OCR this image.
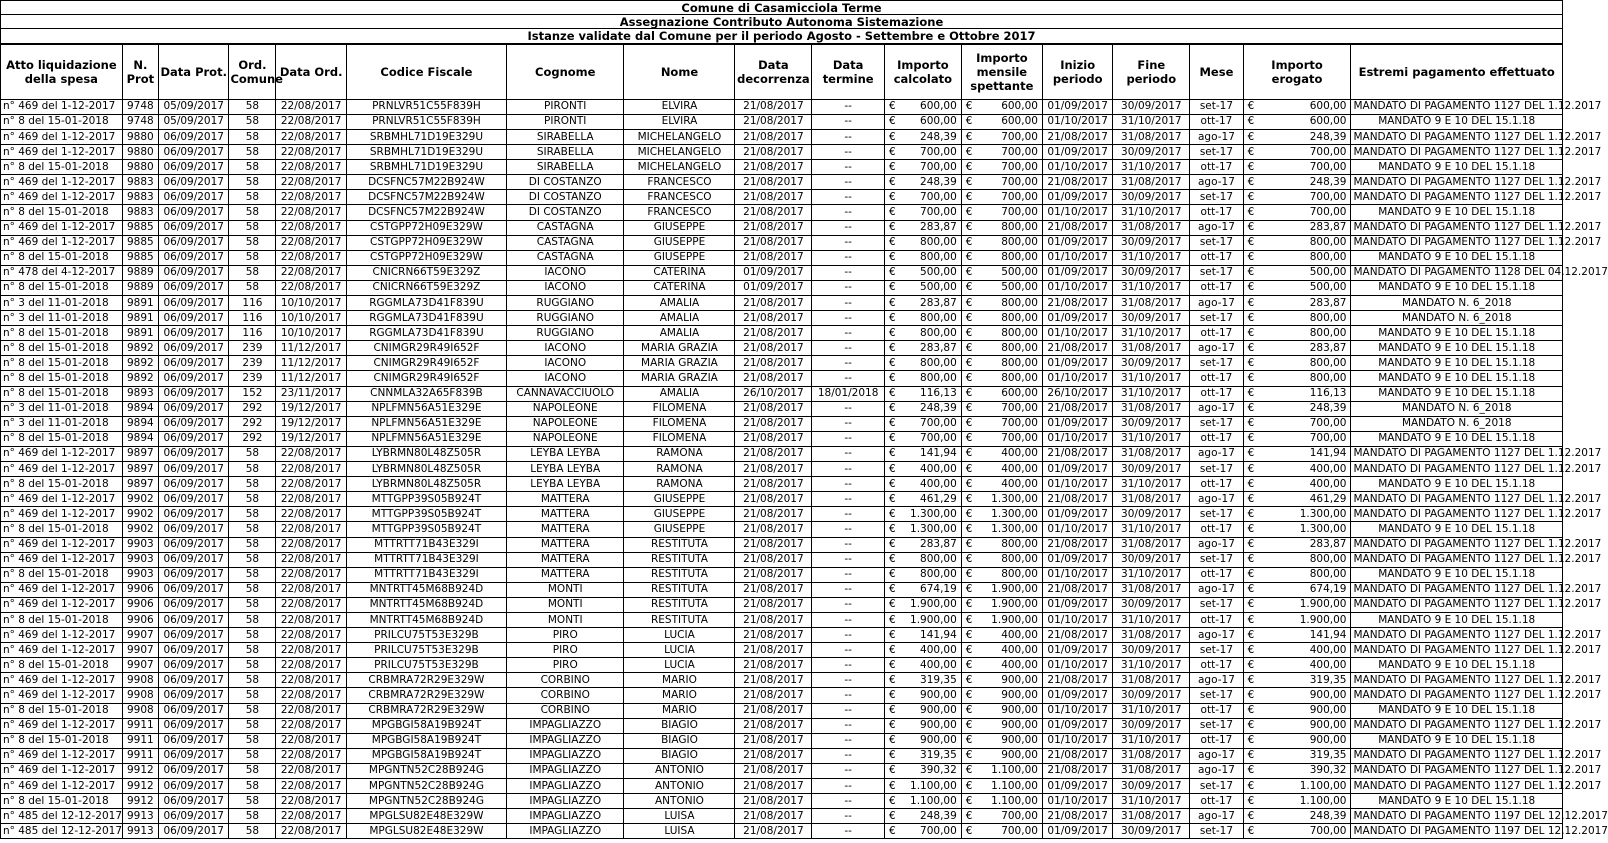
Comune di Casamicciola Terme
Assegnazione Contributo Autonoma Sistemazione
Istanze validate dal Comune per il periodo Agosto - Settembre e Ottobre 2017
Atto liquidazione della spesa	N. Prot	Data Prot.	Ord. Comune	Data Ord.	Codice Fiscale	Cognome	Nome	Data decorrenza	Data termine	Importo calcolato	Importo mensile spettante	Inizio periodo	Fine periodo	Mese	Importo erogato	Estremi pagamento effettuato
n° 469 del 1-12-2017	9748	05/09/2017	58	22/08/2017	PRNLVR51C55F839H	PIRONTI	ELVIRA	21/08/2017	--	€ 600,00	€ 600,00	01/09/2017	30/09/2017	set-17	€ 600,00	MANDATO DI PAGAMENTO 1127 DEL 1.12.2017
n° 8 del 15-01-2018	9748	05/09/2017	58	22/08/2017	PRNLVR51C55F839H	PIRONTI	ELVIRA	21/08/2017	--	€ 600,00	€ 600,00	01/10/2017	31/10/2017	ott-17	€ 600,00	MANDATO 9 E 10 DEL 15.1.18
n° 469 del 1-12-2017	9880	06/09/2017	58	22/08/2017	SRBMHL71D19E329U	SIRABELLA	MICHELANGELO	21/08/2017	--	€ 248,39	€ 700,00	21/08/2017	31/08/2017	ago-17	€ 248,39	MANDATO DI PAGAMENTO 1127 DEL 1.12.2017
n° 469 del 1-12-2017	9880	06/09/2017	58	22/08/2017	SRBMHL71D19E329U	SIRABELLA	MICHELANGELO	21/08/2017	--	€ 700,00	€ 700,00	01/09/2017	30/09/2017	set-17	€ 700,00	MANDATO DI PAGAMENTO 1127 DEL 1.12.2017
n° 8 del 15-01-2018	9880	06/09/2017	58	22/08/2017	SRBMHL71D19E329U	SIRABELLA	MICHELANGELO	21/08/2017	--	€ 700,00	€ 700,00	01/10/2017	31/10/2017	ott-17	€ 700,00	MANDATO 9 E 10 DEL 15.1.18
n° 469 del 1-12-2017	9883	06/09/2017	58	22/08/2017	DCSFNC57M22B924W	DI COSTANZO	FRANCESCO	21/08/2017	--	€ 248,39	€ 700,00	21/08/2017	31/08/2017	ago-17	€ 248,39	MANDATO DI PAGAMENTO 1127 DEL 1.12.2017
n° 469 del 1-12-2017	9883	06/09/2017	58	22/08/2017	DCSFNC57M22B924W	DI COSTANZO	FRANCESCO	21/08/2017	--	€ 700,00	€ 700,00	01/09/2017	30/09/2017	set-17	€ 700,00	MANDATO DI PAGAMENTO 1127 DEL 1.12.2017
n° 8 del 15-01-2018	9883	06/09/2017	58	22/08/2017	DCSFNC57M22B924W	DI COSTANZO	FRANCESCO	21/08/2017	--	€ 700,00	€ 700,00	01/10/2017	31/10/2017	ott-17	€ 700,00	MANDATO 9 E 10 DEL 15.1.18
n° 469 del 1-12-2017	9885	06/09/2017	58	22/08/2017	CSTGPP72H09E329W	CASTAGNA	GIUSEPPE	21/08/2017	--	€ 283,87	€ 800,00	21/08/2017	31/08/2017	ago-17	€ 283,87	MANDATO DI PAGAMENTO 1127 DEL 1.12.2017
n° 469 del 1-12-2017	9885	06/09/2017	58	22/08/2017	CSTGPP72H09E329W	CASTAGNA	GIUSEPPE	21/08/2017	--	€ 800,00	€ 800,00	01/09/2017	30/09/2017	set-17	€ 800,00	MANDATO DI PAGAMENTO 1127 DEL 1.12.2017
n° 8 del 15-01-2018	9885	06/09/2017	58	22/08/2017	CSTGPP72H09E329W	CASTAGNA	GIUSEPPE	21/08/2017	--	€ 800,00	€ 800,00	01/10/2017	31/10/2017	ott-17	€ 800,00	MANDATO 9 E 10 DEL 15.1.18
n° 478 del 4-12-2017	9889	06/09/2017	58	22/08/2017	CNICRN66T59E329Z	IACONO	CATERINA	01/09/2017	--	€ 500,00	€ 500,00	01/09/2017	30/09/2017	set-17	€ 500,00	MANDATO DI PAGAMENTO 1128 DEL 04.12.2017
n° 8 del 15-01-2018	9889	06/09/2017	58	22/08/2017	CNICRN66T59E329Z	IACONO	CATERINA	01/09/2017	--	€ 500,00	€ 500,00	01/10/2017	31/10/2017	ott-17	€ 500,00	MANDATO 9 E 10 DEL 15.1.18
n° 3 del 11-01-2018	9891	06/09/2017	116	10/10/2017	RGGMLA73D41F839U	RUGGIANO	AMALIA	21/08/2017	--	€ 283,87	€ 800,00	21/08/2017	31/08/2017	ago-17	€ 283,87	MANDATO N. 6_2018
n° 3 del 11-01-2018	9891	06/09/2017	116	10/10/2017	RGGMLA73D41F839U	RUGGIANO	AMALIA	21/08/2017	--	€ 800,00	€ 800,00	01/09/2017	30/09/2017	set-17	€ 800,00	MANDATO N. 6_2018
n° 8 del 15-01-2018	9891	06/09/2017	116	10/10/2017	RGGMLA73D41F839U	RUGGIANO	AMALIA	21/08/2017	--	€ 800,00	€ 800,00	01/10/2017	31/10/2017	ott-17	€ 800,00	MANDATO 9 E 10 DEL 15.1.18
n° 8 del 15-01-2018	9892	06/09/2017	239	11/12/2017	CNIMGR29R49I652F	IACONO	MARIA GRAZIA	21/08/2017	--	€ 283,87	€ 800,00	21/08/2017	31/08/2017	ago-17	€ 283,87	MANDATO 9 E 10 DEL 15.1.18
n° 8 del 15-01-2018	9892	06/09/2017	239	11/12/2017	CNIMGR29R49I652F	IACONO	MARIA GRAZIA	21/08/2017	--	€ 800,00	€ 800,00	01/09/2017	30/09/2017	set-17	€ 800,00	MANDATO 9 E 10 DEL 15.1.18
n° 8 del 15-01-2018	9892	06/09/2017	239	11/12/2017	CNIMGR29R49I652F	IACONO	MARIA GRAZIA	21/08/2017	--	€ 800,00	€ 800,00	01/10/2017	31/10/2017	ott-17	€ 800,00	MANDATO 9 E 10 DEL 15.1.18
n° 8 del 15-01-2018	9893	06/09/2017	152	23/11/2017	CNNMLA32A65F839B	CANNAVACCIUOLO	AMALIA	26/10/2017	18/01/2018	€ 116,13	€ 600,00	26/10/2017	31/10/2017	ott-17	€ 116,13	MANDATO 9 E 10 DEL 15.1.18
n° 3 del 11-01-2018	9894	06/09/2017	292	19/12/2017	NPLFMN56A51E329E	NAPOLEONE	FILOMENA	21/08/2017	--	€ 248,39	€ 700,00	21/08/2017	31/08/2017	ago-17	€ 248,39	MANDATO N. 6_2018
n° 3 del 11-01-2018	9894	06/09/2017	292	19/12/2017	NPLFMN56A51E329E	NAPOLEONE	FILOMENA	21/08/2017	--	€ 700,00	€ 700,00	01/09/2017	30/09/2017	set-17	€ 700,00	MANDATO N. 6_2018
n° 8 del 15-01-2018	9894	06/09/2017	292	19/12/2017	NPLFMN56A51E329E	NAPOLEONE	FILOMENA	21/08/2017	--	€ 700,00	€ 700,00	01/10/2017	31/10/2017	ott-17	€ 700,00	MANDATO 9 E 10 DEL 15.1.18
n° 469 del 1-12-2017	9897	06/09/2017	58	22/08/2017	LYBRMN80L48Z505R	LEYBA LEYBA	RAMONA	21/08/2017	--	€ 141,94	€ 400,00	21/08/2017	31/08/2017	ago-17	€ 141,94	MANDATO DI PAGAMENTO 1127 DEL 1.12.2017
n° 469 del 1-12-2017	9897	06/09/2017	58	22/08/2017	LYBRMN80L48Z505R	LEYBA LEYBA	RAMONA	21/08/2017	--	€ 400,00	€ 400,00	01/09/2017	30/09/2017	set-17	€ 400,00	MANDATO DI PAGAMENTO 1127 DEL 1.12.2017
n° 8 del 15-01-2018	9897	06/09/2017	58	22/08/2017	LYBRMN80L48Z505R	LEYBA LEYBA	RAMONA	21/08/2017	--	€ 400,00	€ 400,00	01/10/2017	31/10/2017	ott-17	€ 400,00	MANDATO 9 E 10 DEL 15.1.18
n° 469 del 1-12-2017	9902	06/09/2017	58	22/08/2017	MTTGPP39S05B924T	MATTERA	GIUSEPPE	21/08/2017	--	€ 461,29	€ 1.300,00	21/08/2017	31/08/2017	ago-17	€ 461,29	MANDATO DI PAGAMENTO 1127 DEL 1.12.2017
n° 469 del 1-12-2017	9902	06/09/2017	58	22/08/2017	MTTGPP39S05B924T	MATTERA	GIUSEPPE	21/08/2017	--	€ 1.300,00	€ 1.300,00	01/09/2017	30/09/2017	set-17	€ 1.300,00	MANDATO DI PAGAMENTO 1127 DEL 1.12.2017
n° 8 del 15-01-2018	9902	06/09/2017	58	22/08/2017	MTTGPP39S05B924T	MATTERA	GIUSEPPE	21/08/2017	--	€ 1.300,00	€ 1.300,00	01/10/2017	31/10/2017	ott-17	€ 1.300,00	MANDATO 9 E 10 DEL 15.1.18
n° 469 del 1-12-2017	9903	06/09/2017	58	22/08/2017	MTTRTT71B43E329I	MATTERA	RESTITUTA	21/08/2017	--	€ 283,87	€ 800,00	21/08/2017	31/08/2017	ago-17	€ 283,87	MANDATO DI PAGAMENTO 1127 DEL 1.12.2017
n° 469 del 1-12-2017	9903	06/09/2017	58	22/08/2017	MTTRTT71B43E329I	MATTERA	RESTITUTA	21/08/2017	--	€ 800,00	€ 800,00	01/09/2017	30/09/2017	set-17	€ 800,00	MANDATO DI PAGAMENTO 1127 DEL 1.12.2017
n° 8 del 15-01-2018	9903	06/09/2017	58	22/08/2017	MTTRTT71B43E329I	MATTERA	RESTITUTA	21/08/2017	--	€ 800,00	€ 800,00	01/10/2017	31/10/2017	ott-17	€ 800,00	MANDATO 9 E 10 DEL 15.1.18
n° 469 del 1-12-2017	9906	06/09/2017	58	22/08/2017	MNTRTT45M68B924D	MONTI	RESTITUTA	21/08/2017	--	€ 674,19	€ 1.900,00	21/08/2017	31/08/2017	ago-17	€ 674,19	MANDATO DI PAGAMENTO 1127 DEL 1.12.2017
n° 469 del 1-12-2017	9906	06/09/2017	58	22/08/2017	MNTRTT45M68B924D	MONTI	RESTITUTA	21/08/2017	--	€ 1.900,00	€ 1.900,00	01/09/2017	30/09/2017	set-17	€ 1.900,00	MANDATO DI PAGAMENTO 1127 DEL 1.12.2017
n° 8 del 15-01-2018	9906	06/09/2017	58	22/08/2017	MNTRTT45M68B924D	MONTI	RESTITUTA	21/08/2017	--	€ 1.900,00	€ 1.900,00	01/10/2017	31/10/2017	ott-17	€ 1.900,00	MANDATO 9 E 10 DEL 15.1.18
n° 469 del 1-12-2017	9907	06/09/2017	58	22/08/2017	PRILCU75T53E329B	PIRO	LUCIA	21/08/2017	--	€ 141,94	€ 400,00	21/08/2017	31/08/2017	ago-17	€ 141,94	MANDATO DI PAGAMENTO 1127 DEL 1.12.2017
n° 469 del 1-12-2017	9907	06/09/2017	58	22/08/2017	PRILCU75T53E329B	PIRO	LUCIA	21/08/2017	--	€ 400,00	€ 400,00	01/09/2017	30/09/2017	set-17	€ 400,00	MANDATO DI PAGAMENTO 1127 DEL 1.12.2017
n° 8 del 15-01-2018	9907	06/09/2017	58	22/08/2017	PRILCU75T53E329B	PIRO	LUCIA	21/08/2017	--	€ 400,00	€ 400,00	01/10/2017	31/10/2017	ott-17	€ 400,00	MANDATO 9 E 10 DEL 15.1.18
n° 469 del 1-12-2017	9908	06/09/2017	58	22/08/2017	CRBMRA72R29E329W	CORBINO	MARIO	21/08/2017	--	€ 319,35	€ 900,00	21/08/2017	31/08/2017	ago-17	€ 319,35	MANDATO DI PAGAMENTO 1127 DEL 1.12.2017
n° 469 del 1-12-2017	9908	06/09/2017	58	22/08/2017	CRBMRA72R29E329W	CORBINO	MARIO	21/08/2017	--	€ 900,00	€ 900,00	01/09/2017	30/09/2017	set-17	€ 900,00	MANDATO DI PAGAMENTO 1127 DEL 1.12.2017
n° 8 del 15-01-2018	9908	06/09/2017	58	22/08/2017	CRBMRA72R29E329W	CORBINO	MARIO	21/08/2017	--	€ 900,00	€ 900,00	01/10/2017	31/10/2017	ott-17	€ 900,00	MANDATO 9 E 10 DEL 15.1.18
n° 469 del 1-12-2017	9911	06/09/2017	58	22/08/2017	MPGBGI58A19B924T	IMPAGLIAZZO	BIAGIO	21/08/2017	--	€ 900,00	€ 900,00	01/09/2017	30/09/2017	set-17	€ 900,00	MANDATO DI PAGAMENTO 1127 DEL 1.12.2017
n° 8 del 15-01-2018	9911	06/09/2017	58	22/08/2017	MPGBGI58A19B924T	IMPAGLIAZZO	BIAGIO	21/08/2017	--	€ 900,00	€ 900,00	01/10/2017	31/10/2017	ott-17	€ 900,00	MANDATO 9 E 10 DEL 15.1.18
n° 469 del 1-12-2017	9911	06/09/2017	58	22/08/2017	MPGBGI58A19B924T	IMPAGLIAZZO	BIAGIO	21/08/2017	--	€ 319,35	€ 900,00	21/08/2017	31/08/2017	ago-17	€ 319,35	MANDATO DI PAGAMENTO 1127 DEL 1.12.2017
n° 469 del 1-12-2017	9912	06/09/2017	58	22/08/2017	MPGNTN52C28B924G	IMPAGLIAZZO	ANTONIO	21/08/2017	--	€ 390,32	€ 1.100,00	21/08/2017	31/08/2017	ago-17	€ 390,32	MANDATO DI PAGAMENTO 1127 DEL 1.12.2017
n° 469 del 1-12-2017	9912	06/09/2017	58	22/08/2017	MPGNTN52C28B924G	IMPAGLIAZZO	ANTONIO	21/08/2017	--	€ 1.100,00	€ 1.100,00	01/09/2017	30/09/2017	set-17	€ 1.100,00	MANDATO DI PAGAMENTO 1127 DEL 1.12.2017
n° 8 del 15-01-2018	9912	06/09/2017	58	22/08/2017	MPGNTN52C28B924G	IMPAGLIAZZO	ANTONIO	21/08/2017	--	€ 1.100,00	€ 1.100,00	01/10/2017	31/10/2017	ott-17	€ 1.100,00	MANDATO 9 E 10 DEL 15.1.18
n° 485 del 12-12-2017	9913	06/09/2017	58	22/08/2017	MPGLSU82E48E329W	IMPAGLIAZZO	LUISA	21/08/2017	--	€ 248,39	€ 700,00	21/08/2017	31/08/2017	ago-17	€ 248,39	MANDATO DI PAGAMENTO 1197 DEL 12.12.2017
n° 485 del 12-12-2017	9913	06/09/2017	58	22/08/2017	MPGLSU82E48E329W	IMPAGLIAZZO	LUISA	21/08/2017	--	€ 700,00	€ 700,00	01/09/2017	30/09/2017	set-17	€ 700,00	MANDATO DI PAGAMENTO 1197 DEL 12.12.2017
